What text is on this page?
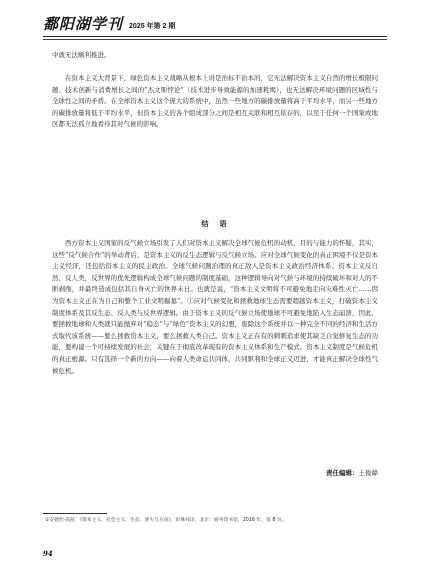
鄱阳湖学刊 2025 年第 2 期

中就无法顺利推进。

在资本主义大背景下，绿色资本主义战略从根本上讲是治标不治本的，它无法解决资本主义自然的增长极限问题、技术创新与消费增长之间的“杰文斯悖论”（技术进步导致能源的加速耗竭），也无法解决环境问题的区域性与全球性之间的矛盾。在全球资本主义这个庞大的系统中，虽然一些地方的碳排放量将高于平均水平，而另一些地方的碳排放量将低于平均水平，但资本主义的各个组成部分之间是相互关联和相互依存的，以至于任何一个国家或地区都无法孤立地看待其对气候的影响。

结　语

西方资本主义国家的反气候立场引发了人们对资本主义解决全球气候危机的动机、目的与能力的怀疑，其实，这些“反气候合作”的举动背后，是资本主义的反生态逻辑与反气候立场。应对全球气候变化的真正困境不仅是资本主义经济，还包括资本主义的民主政治。全球气候问题治理的真正敌人是资本主义政治经济体系。资本主义反自然、反人类，反世界的优先逻辑构成全球气候问题的制度基础，这种逻辑导向对气候与环境的持续破坏和对人的不断剥削，并最终造成包括其自身灭亡的世界末日。也就是说，“资本主义文明将不可避免地走向灾难性灭亡……因为资本主义正在为自己和整个工业文明掘墓”。①应对气候变化和拯救地球生态需要超越资本主义，打破资本主义制度体系及其反生态、反人类与反世界逻辑。由于资本主义的反气候立场使地球不可避免地陷入生态崩溃，因此，要拯救地球和人类就只能抛弃对“稳态”与“绿色”资本主义的幻想，废除这个系统并以一种完全不同的经济和生活方式取代该系统——要么拯救资本主义，要么拯救人类自己。资本主义正在有的刺刺追求使其缺乏自觉修复生态的功能，要构建一个可持续发展的社会，关键在于彻底改革现有的资本主义体系和生产模式。资本主义制度是气候危机的真正根源。只有选择一个新的方向——向着人类命运共同体，共同驱利和全球正义迈进，才能真正解决全球性气候危机。

责任编辑：王俊暐
①安德烈·高兹：《资本主义、社会主义、生态：迷失与方向》，彭姝祎译，北京：商务印书馆，2018 年，第 8 页。
94
